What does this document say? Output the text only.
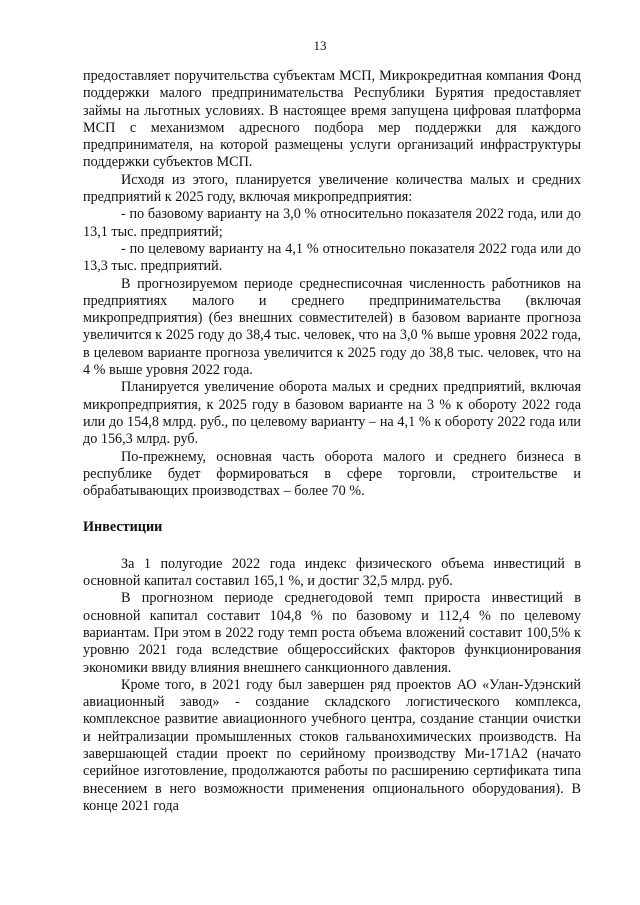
13

предоставляет поручительства субъектам МСП, Микрокредитная компания Фонд поддержки малого предпринимательства Республики Бурятия предоставляет займы на льготных условиях. В настоящее время запущена цифровая платформа МСП с механизмом адресного подбора мер поддержки для каждого предпринимателя, на которой размещены услуги организаций инфраструктуры поддержки субъектов МСП.

Исходя из этого, планируется увеличение количества малых и средних предприятий к 2025 году, включая микропредприятия:

- по базовому варианту на 3,0 % относительно показателя 2022 года, или до 13,1 тыс. предприятий;

- по целевому варианту на 4,1 % относительно показателя 2022 года или до 13,3 тыс. предприятий.

В прогнозируемом периоде среднесписочная численность работников на предприятиях малого и среднего предпринимательства (включая микропредприятия) (без внешних совместителей) в базовом варианте прогноза увеличится к 2025 году до 38,4 тыс. человек, что на 3,0 % выше уровня 2022 года, в целевом варианте прогноза увеличится к 2025 году до 38,8 тыс. человек, что на 4 % выше уровня 2022 года.

Планируется увеличение оборота малых и средних предприятий, включая микропредприятия, к 2025 году в базовом варианте на 3 % к обороту 2022 года или до 154,8 млрд. руб., по целевому варианту – на 4,1 % к обороту 2022 года или до 156,3 млрд. руб.

По-прежнему, основная часть оборота малого и среднего бизнеса в республике будет формироваться в сфере торговли, строительстве и обрабатывающих производствах – более 70 %.

Инвестиции

За 1 полугодие 2022 года индекс физического объема инвестиций в основной капитал составил 165,1 %, и достиг 32,5 млрд. руб.

В прогнозном периоде среднегодовой темп прироста инвестиций в основной капитал составит 104,8 % по базовому и 112,4 % по целевому вариантам. При этом в 2022 году темп роста объема вложений составит 100,5% к уровню 2021 года вследствие общероссийских факторов функционирования экономики ввиду влияния внешнего санкционного давления.

Кроме того, в 2021 году был завершен ряд проектов АО «Улан-Удэнский авиационный завод» - создание складского логистического комплекса, комплексное развитие авиационного учебного центра, создание станции очистки и нейтрализации промышленных стоков гальванохимических производств. На завершающей стадии проект по серийному производству Ми-171А2 (начато серийное изготовление, продолжаются работы по расширению сертификата типа внесением в него возможности применения опционального оборудования). В конце 2021 года
